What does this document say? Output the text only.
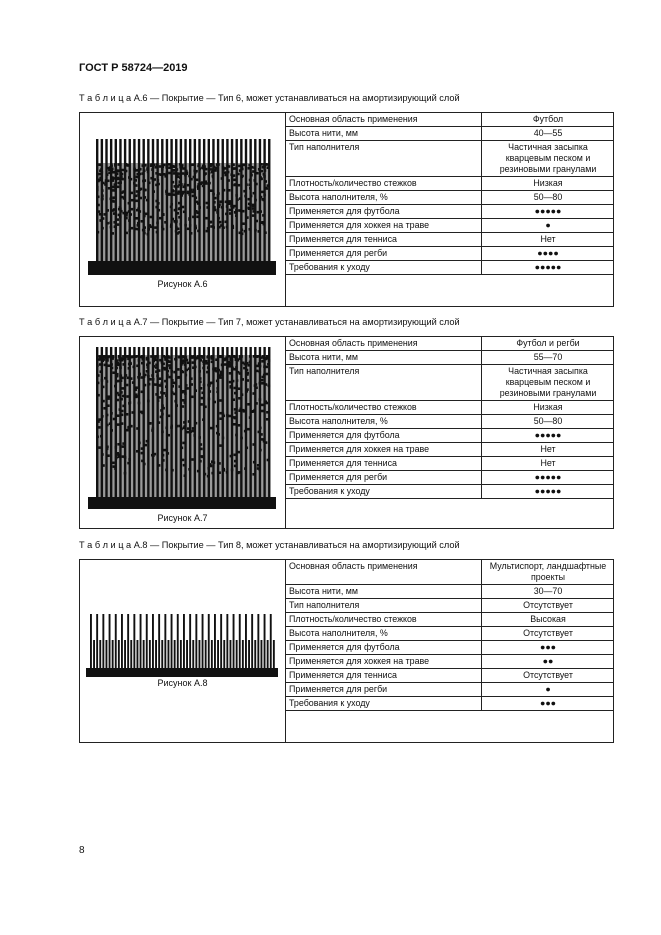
ГОСТ Р 58724—2019
Т а б л и ц а А.6 — Покрытие — Тип 6, может устанавливаться на амортизирующий слой
Рисунок А.6
Основная область применения	Футбол
Высота нити, мм	40—55
Тип наполнителя	Частичная засыпка кварцевым песком и резиновыми гранулами
Плотность/количество стежков	Низкая
Высота наполнителя, %	50—80
Применяется для футбола	●●●●●
Применяется для хоккея на траве	●
Применяется для тенниса	Нет
Применяется для регби	●●●●
Требования к уходу	●●●●●
Т а б л и ц а А.7 — Покрытие — Тип 7, может устанавливаться на амортизирующий слой
Рисунок А.7
Основная область применения	Футбол и регби
Высота нити, мм	55—70
Тип наполнителя	Частичная засыпка кварцевым песком и резиновыми гранулами
Плотность/количество стежков	Низкая
Высота наполнителя, %	50—80
Применяется для футбола	●●●●●
Применяется для хоккея на траве	Нет
Применяется для тенниса	Нет
Применяется для регби	●●●●●
Требования к уходу	●●●●●
Т а б л и ц а А.8 — Покрытие — Тип 8, может устанавливаться на амортизирующий слой
Рисунок А.8
Основная область применения	Мультиспорт, ландшафтные проекты
Высота нити, мм	30—70
Тип наполнителя	Отсутствует
Плотность/количество стежков	Высокая
Высота наполнителя, %	Отсутствует
Применяется для футбола	●●●
Применяется для хоккея на траве	●●
Применяется для тенниса	Отсутствует
Применяется для регби	●
Требования к уходу	●●●
8
